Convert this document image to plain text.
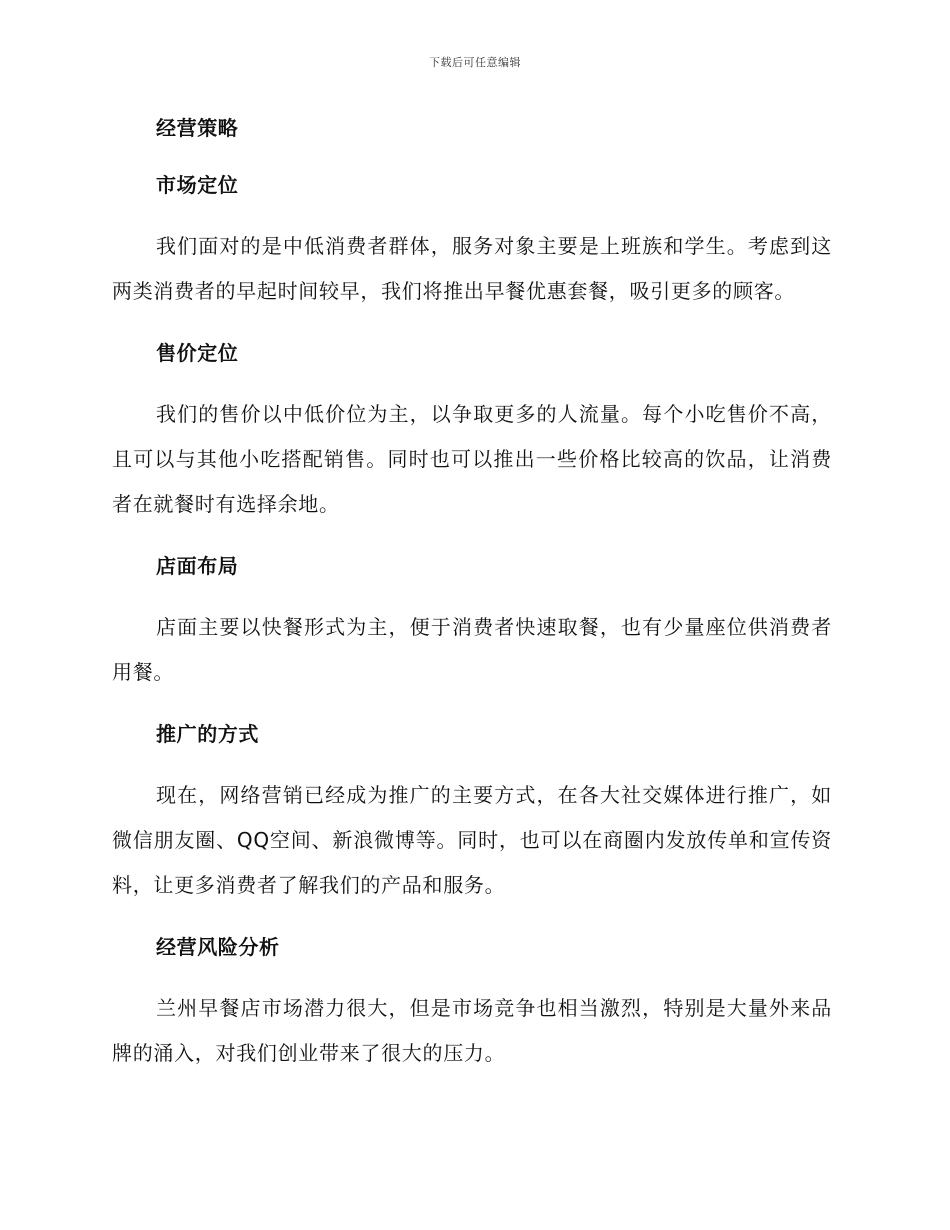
下载后可任意编辑
经营策略
市场定位
我们面对的是中低消费者群体，服务对象主要是上班族和学生。考虑到这两类消费者的早起时间较早，我们将推出早餐优惠套餐，吸引更多的顾客。
售价定位
我们的售价以中低价位为主，以争取更多的人流量。每个小吃售价不高，且可以与其他小吃搭配销售。同时也可以推出一些价格比较高的饮品，让消费者在就餐时有选择余地。
店面布局
店面主要以快餐形式为主，便于消费者快速取餐，也有少量座位供消费者用餐。
推广的方式
现在，网络营销已经成为推广的主要方式，在各大社交媒体进行推广，如微信朋友圈、QQ空间、新浪微博等。同时，也可以在商圈内发放传单和宣传资料，让更多消费者了解我们的产品和服务。
经营风险分析
兰州早餐店市场潜力很大，但是市场竞争也相当激烈，特别是大量外来品牌的涌入，对我们创业带来了很大的压力。
